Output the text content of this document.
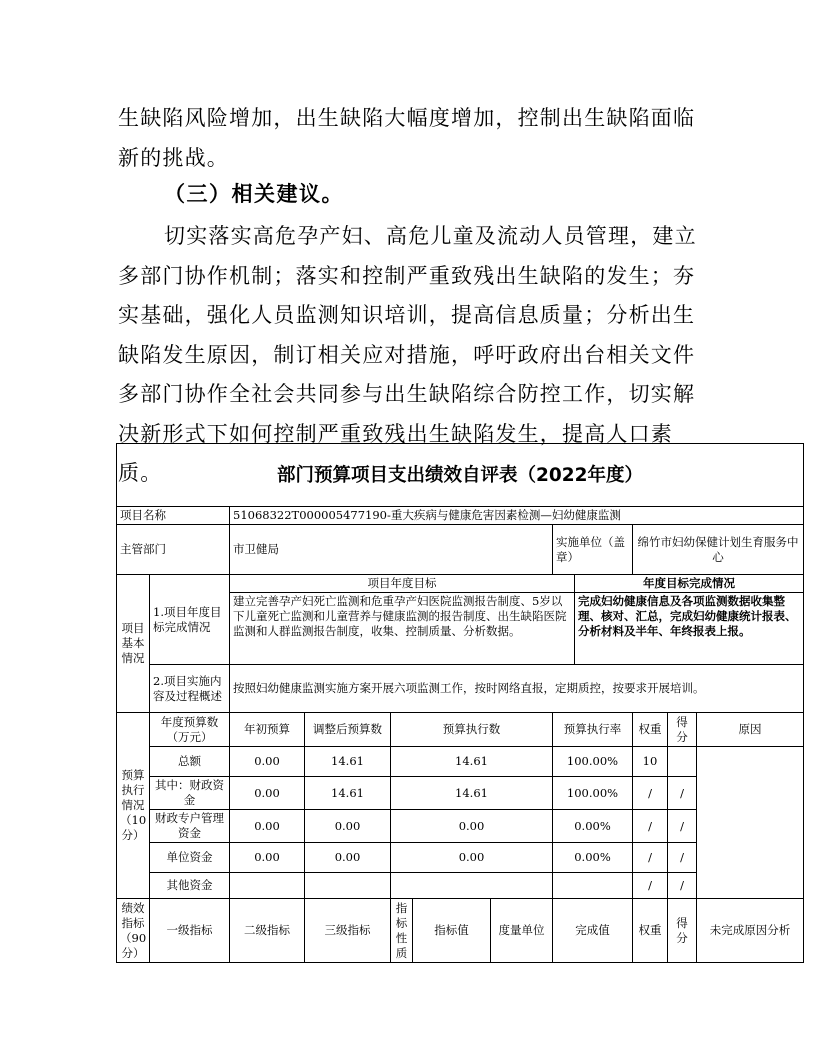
生缺陷风险增加，出生缺陷大幅度增加，控制出生缺陷面临新的挑战。

（三）相关建议。

切实落实高危孕产妇、高危儿童及流动人员管理，建立多部门协作机制；落实和控制严重致残出生缺陷的发生；夯实基础，强化人员监测知识培训，提高信息质量；分析出生缺陷发生原因，制订相关应对措施，呼吁政府出台相关文件多部门协作全社会共同参与出生缺陷综合防控工作，切实解决新形式下如何控制严重致残出生缺陷发生，提高人口素质。	部门预算项目支出绩效自评表（2022年度）											
项目名称		51068322T000005477190-重大疾病与健康危害因素检测—妇幼健康监测									
主管部门		市卫健局					实施单位（盖章）		绵竹市妇幼保健计划生育服务中心		
项目基本情况	1.项目年度目标完成情况	项目年度目标						年度目标完成情况			
		建立完善孕产妇死亡监测和危重孕产妇医院监测报告制度、5岁以下儿童死亡监测和儿童营养与健康监测的报告制度、出生缺陷医院监测和人群监测报告制度，收集、控制质量、分析数据。						完成妇幼健康信息及各项监测数据收集整理、核对、汇总，完成妇幼健康统计报表、分析材料及半年、年终报表上报。			
	2.项目实施内容及过程概述	按照妇幼健康监测实施方案开展六项监测工作，按时网络直报，定期质控，按要求开展培训。									
预算执行情况（10分）	年度预算数（万元）	年初预算	调整后预算数	预算执行数			预算执行率		权重	得分	原因
	总额	0.00	14.61	14.61			100.00%		10		
	其中：财政资金	0.00	14.61	14.61			100.00%		/	/	
	财政专户管理资金	0.00	0.00	0.00			0.00%		/	/	
	单位资金	0.00	0.00	0.00			0.00%		/	/	
	其他资金								/	/	
绩效指标（90分）	一级指标	二级指标	三级指标	指标性质	指标值	度量单位	完成值		权重	得分	未完成原因分析
